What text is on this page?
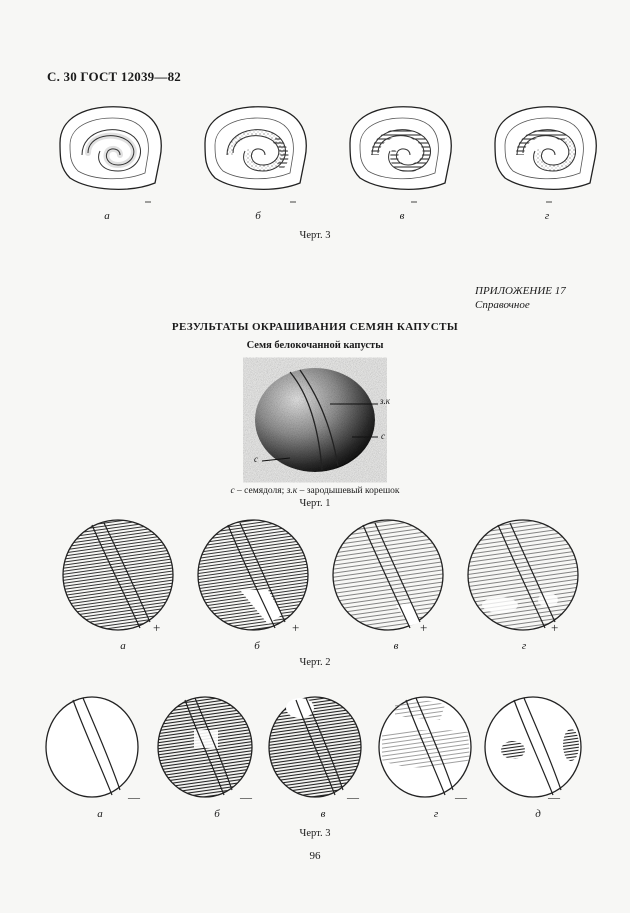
С. 30 ГОСТ 12039—82
а	б	в	г
Черт. 3
ПРИЛОЖЕНИЕ 17
Справочное
РЕЗУЛЬТАТЫ ОКРАШИВАНИЯ СЕМЯН КАПУСТЫ
Семя белокочанной капусты
з.к
с
с
с – семядоля; з.к – зародышевый корешок
Черт. 1
+	+	+	+
а	б	в	г
Черт. 2
—	—	—	—	—
а	б	в	г	д
Черт. 3
96
